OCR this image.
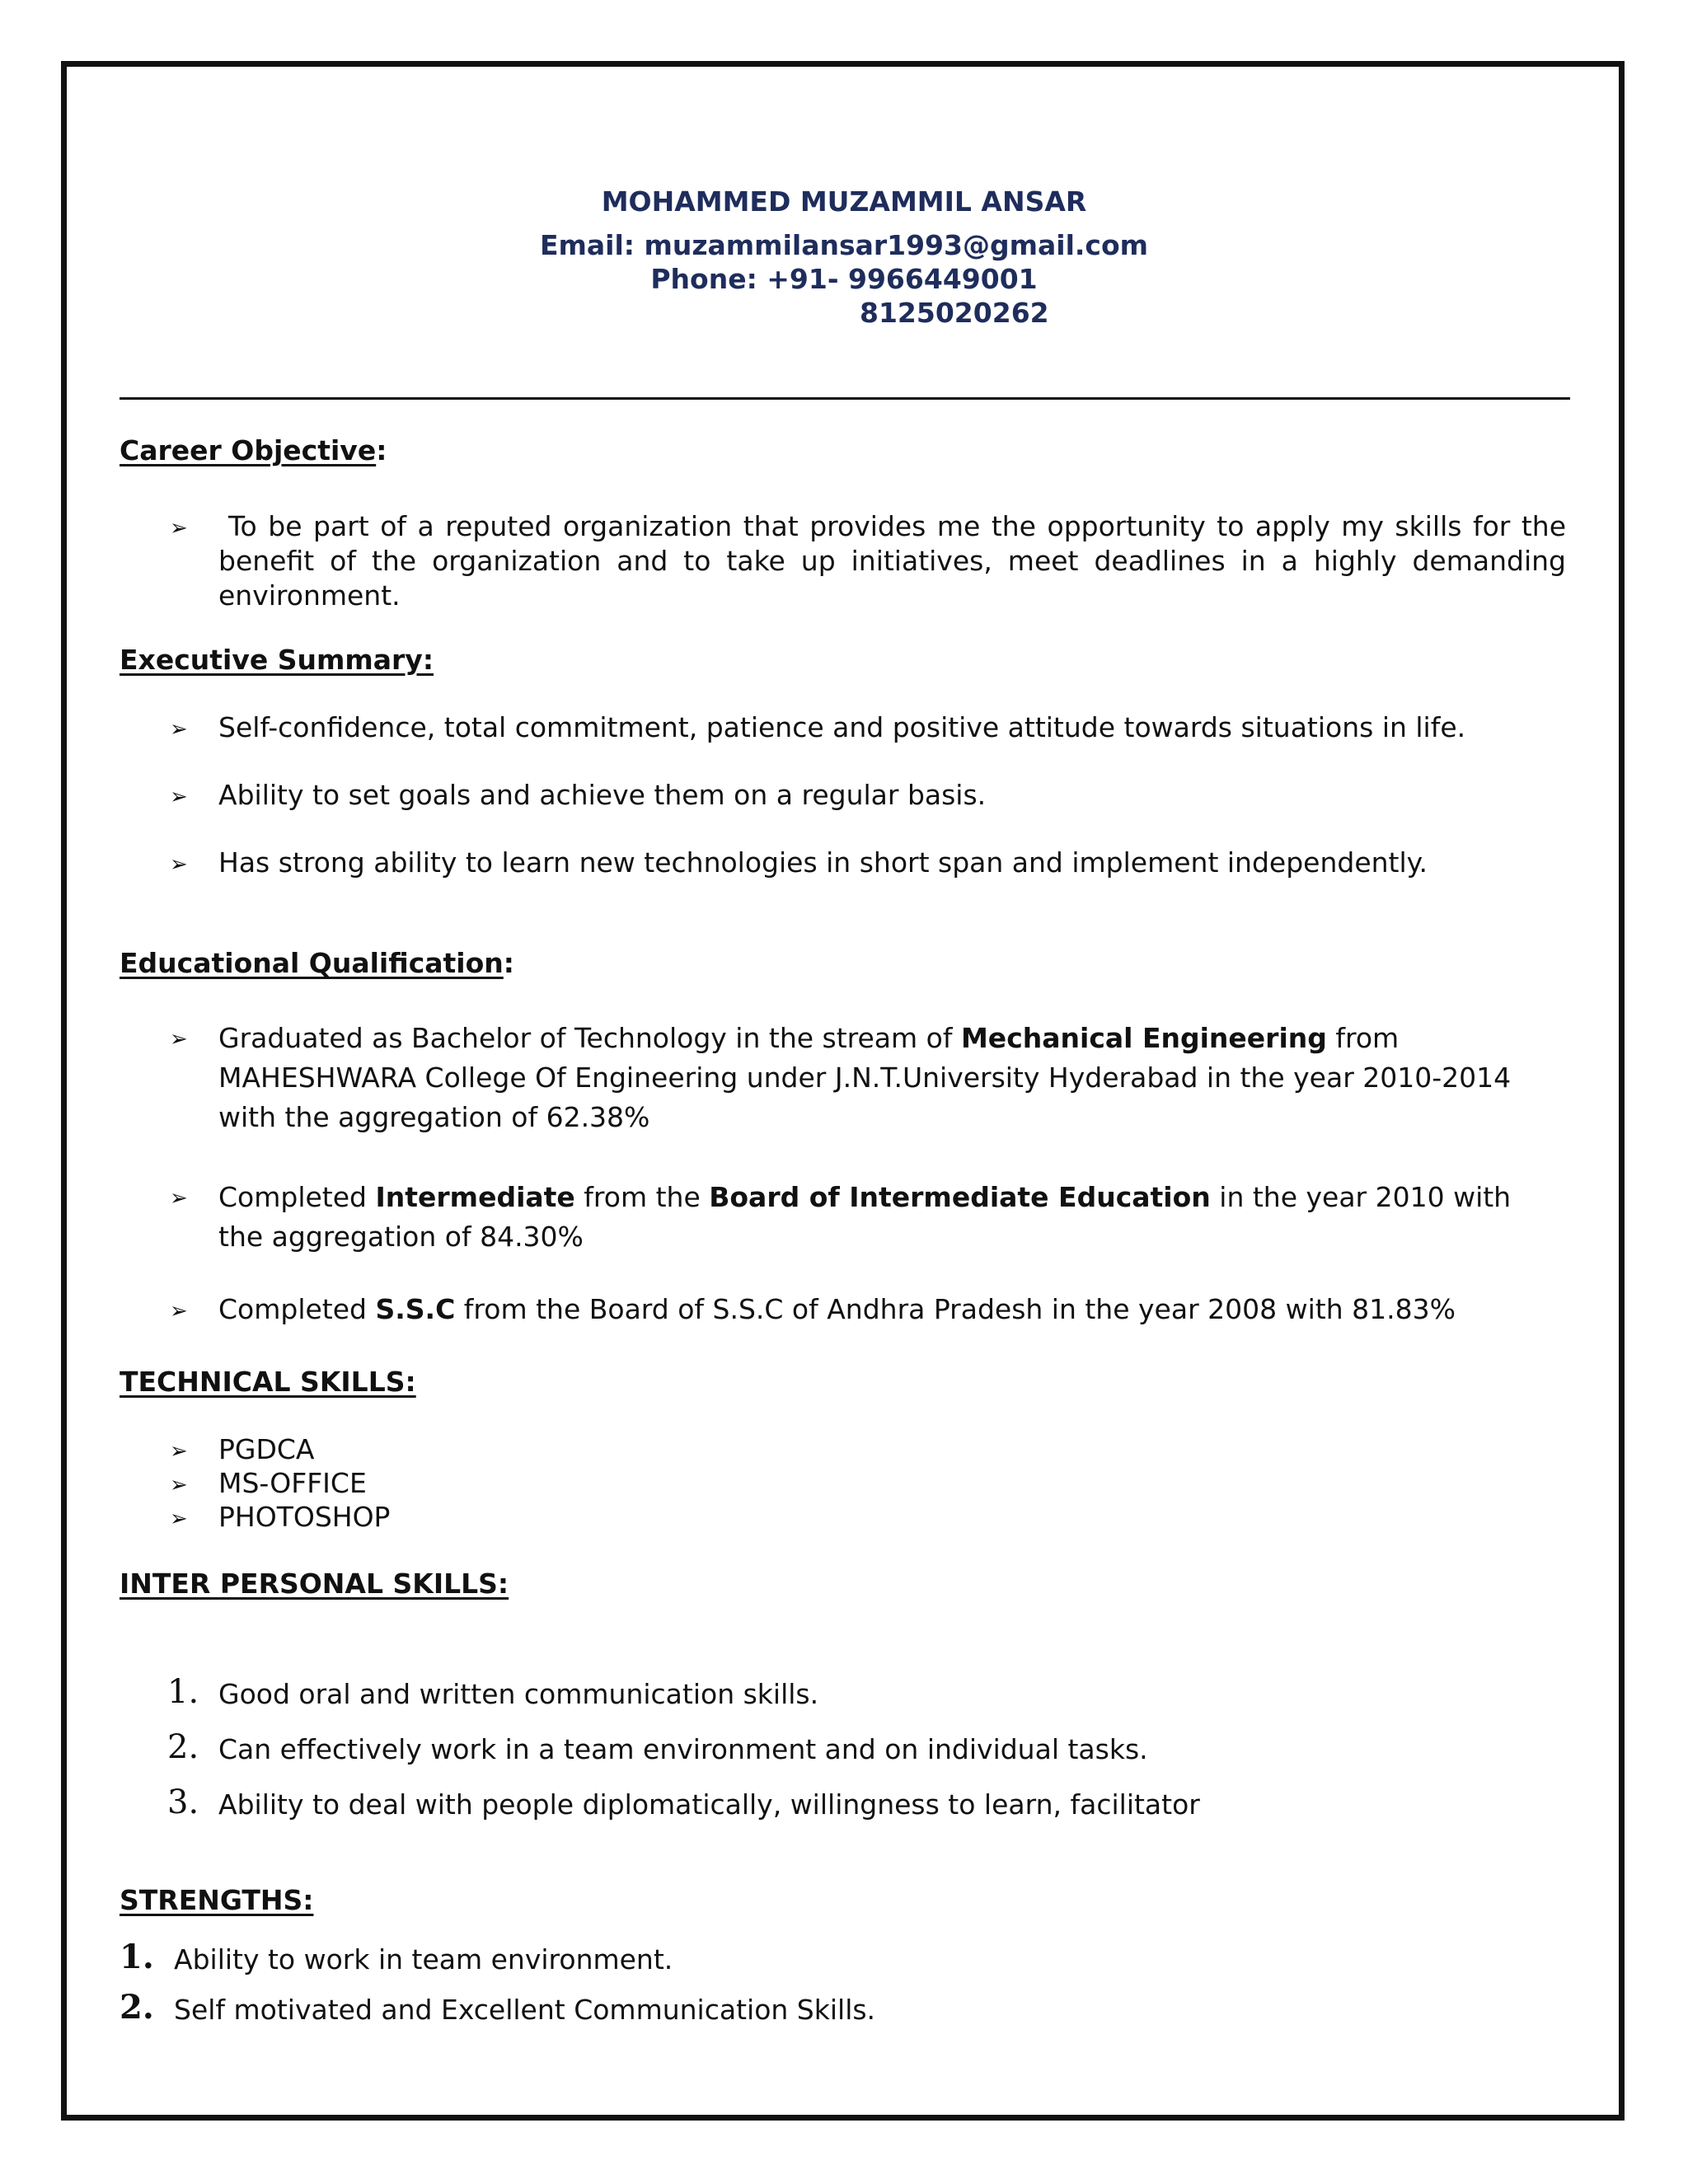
MOHAMMED MUZAMMIL ANSAR
Email: muzammilansar1993@gmail.com
Phone: +91- 9966449001
8125020262
Career Objective:
➢	To be part of a reputed organization that provides me the opportunity to apply my skills for the benefit of the organization and to take up initiatives, meet deadlines in a highly demanding environment.
Executive Summary:
➢ Self-confidence, total commitment, patience and positive attitude towards situations in life.
➢ Ability to set goals and achieve them on a regular basis.
➢ Has strong ability to learn new technologies in short span and implement independently.
Educational Qualification:
➢ Graduated as Bachelor of Technology in the stream of Mechanical Engineering from MAHESHWARA College Of Engineering under J.N.T.University Hyderabad in the year 2010-2014 with the aggregation of 62.38%
➢ Completed Intermediate from the Board of Intermediate Education in the year 2010 with the aggregation of 84.30%
➢ Completed S.S.C from the Board of S.S.C of Andhra Pradesh in the year 2008 with 81.83%
TECHNICAL SKILLS:
➢ PGDCA
➢ MS-OFFICE
➢ PHOTOSHOP
INTER PERSONAL SKILLS:
1. Good oral and written communication skills.
2. Can effectively work in a team environment and on individual tasks.
3. Ability to deal with people diplomatically, willingness to learn, facilitator
STRENGTHS:
1. Ability to work in team environment.
2. Self motivated and Excellent Communication Skills.
